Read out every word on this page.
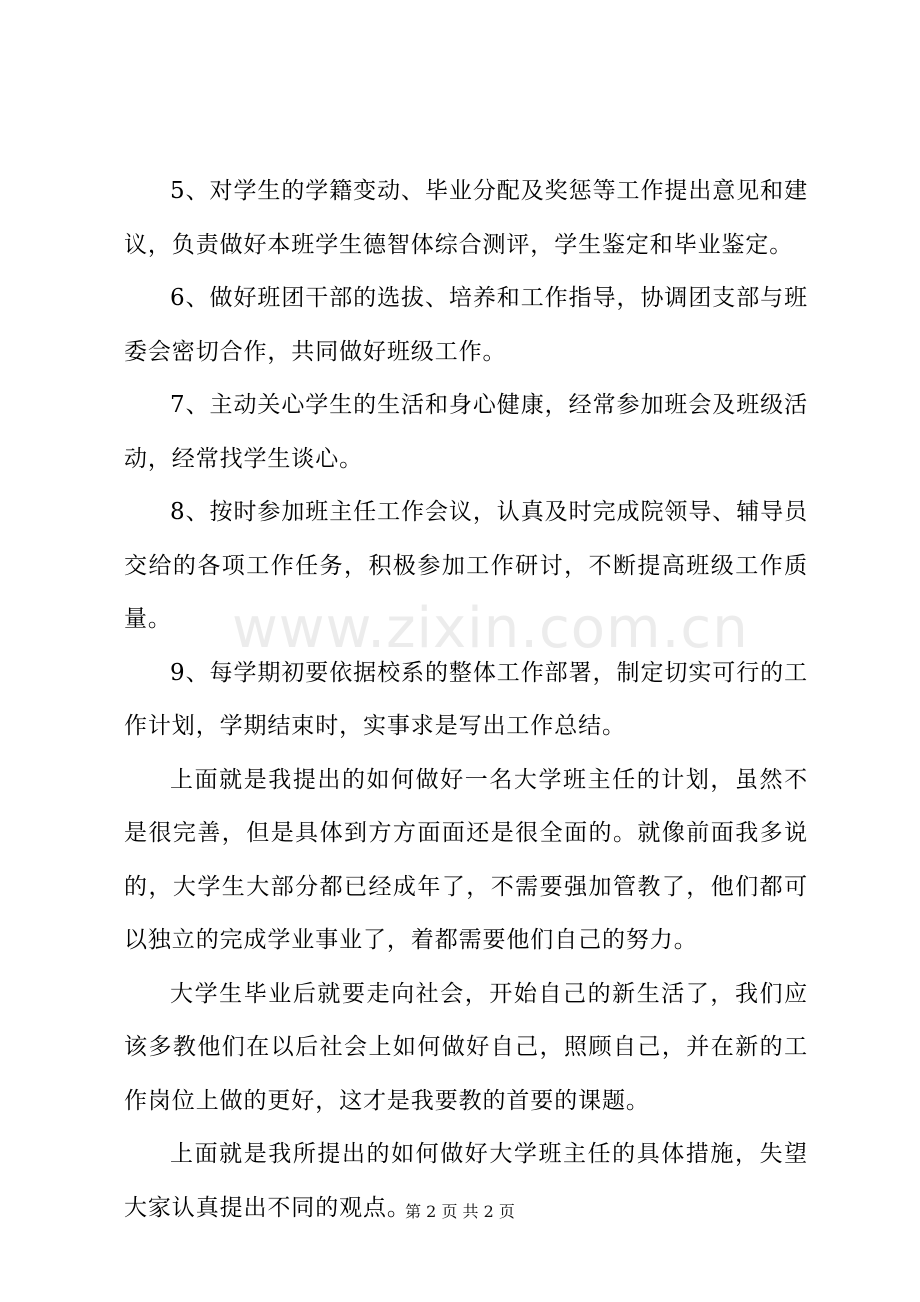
5、对学生的学籍变动、毕业分配及奖惩等工作提出意见和建议，负责做好本班学生德智体综合测评，学生鉴定和毕业鉴定。

6、做好班团干部的选拔、培养和工作指导，协调团支部与班委会密切合作，共同做好班级工作。

7、主动关心学生的生活和身心健康，经常参加班会及班级活动，经常找学生谈心。

8、按时参加班主任工作会议，认真及时完成院领导、辅导员交给的各项工作任务，积极参加工作研讨，不断提高班级工作质量。

9、每学期初要依据校系的整体工作部署，制定切实可行的工作计划，学期结束时，实事求是写出工作总结。

上面就是我提出的如何做好一名大学班主任的计划，虽然不是很完善，但是具体到方方面面还是很全面的。就像前面我多说的，大学生大部分都已经成年了，不需要强加管教了，他们都可以独立的完成学业事业了，着都需要他们自己的努力。

大学生毕业后就要走向社会，开始自己的新生活了，我们应该多教他们在以后社会上如何做好自己，照顾自己，并在新的工作岗位上做的更好，这才是我要教的首要的课题。

上面就是我所提出的如何做好大学班主任的具体措施，失望大家认真提出不同的观点。

www.zixin.com.cn
第 2 页 共 2 页
